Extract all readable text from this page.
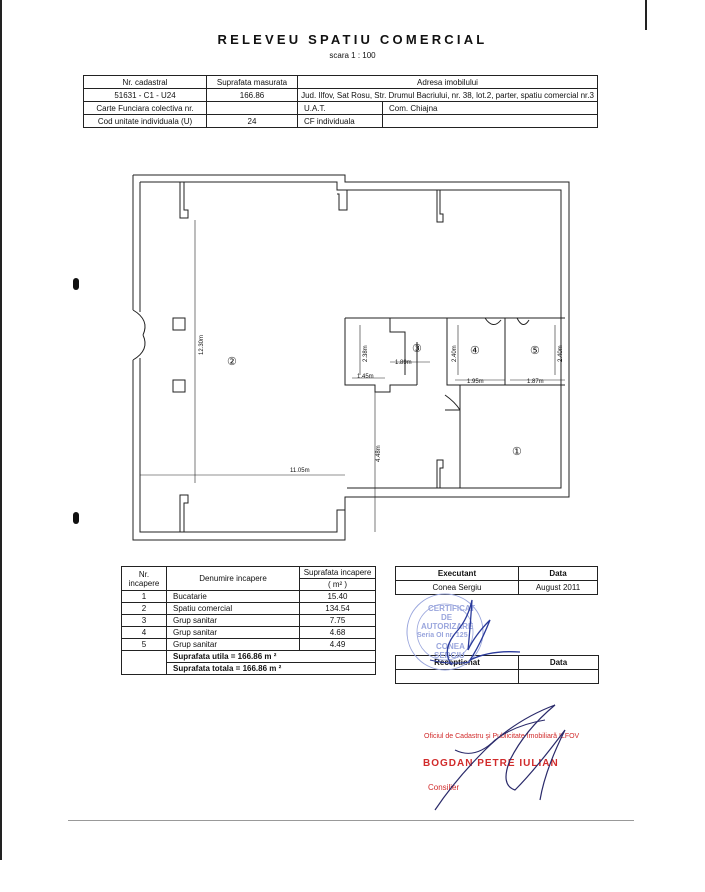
RELEVEU SPATIU COMERCIAL
scara 1 : 100
Nr. cadastral	Suprafata masurata	Adresa imobilului	
51631 - C1 - U24	166.86	Jud. Ilfov, Sat Rosu, Str. Drumul Bacriului, nr. 38, lot.2, parter, spatiu comercial nr.3	
Carte Funciara colectiva nr.		U.A.T.	Com. Chiajna
Cod unitate individuala (U)	24	CF individuala	
②
③	④	⑤
①
12.30m
11.05m
4.48m
2.38m
1.45m
1.89m
2.40m
1.95m	1.87m
2.40m
Nr. incapere	Denumire incapere	Suprafata incapere
		( m² )
1	Bucatarie	15.40
2	Spatiu comercial	134.54
3	Grup sanitar	7.75
4	Grup sanitar	4.68
5	Grup sanitar	4.49
	Suprafata utila = 166.86 m ²	
	Suprafata totala = 166.86 m ²	
Executant	Data
Conea Sergiu	August 2011
Receptionat	Data

CERTIFICAT
DE
AUTORIZARE
Seria OI nr. 125
CONEA
SERGIU
Oficiul de Cadastru şi Publicitate Imobiliară ILFOV
BOGDAN PETRE IULIAN
Consilier
